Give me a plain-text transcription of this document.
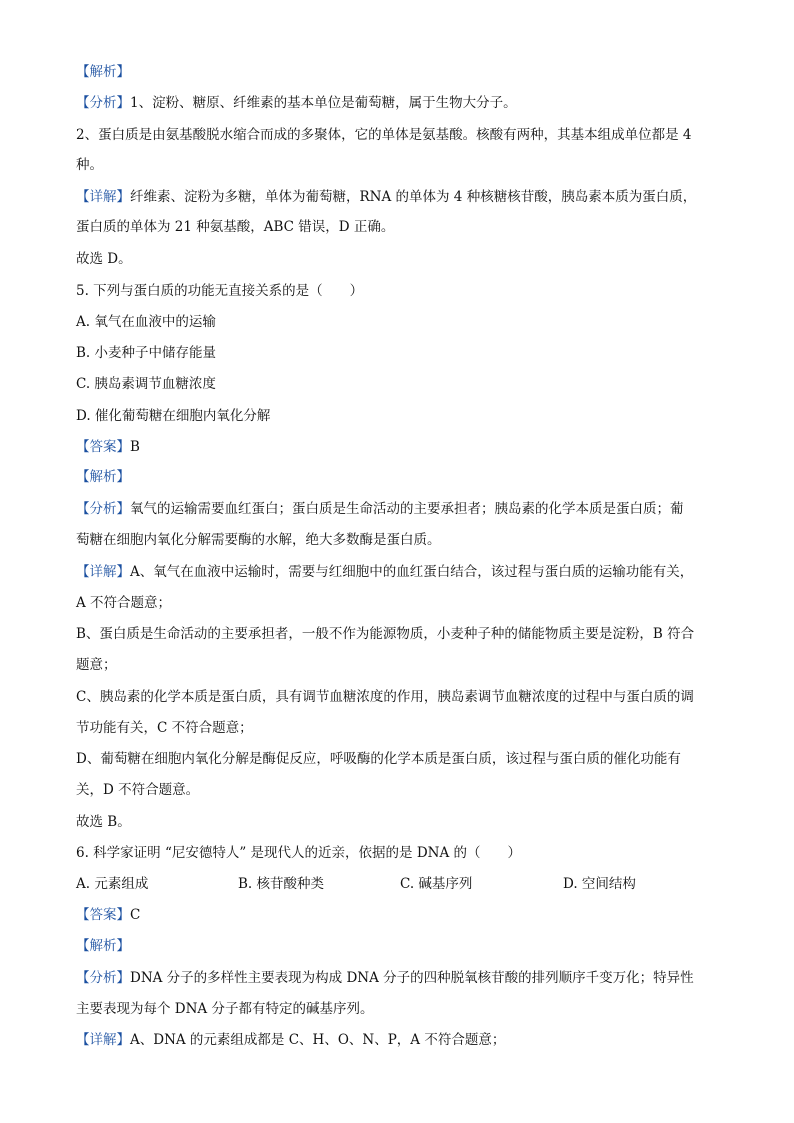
【解析】
【分析】1、淀粉、糖原、纤维素的基本单位是葡萄糖，属于生物大分子。
2、蛋白质是由氨基酸脱水缩合而成的多聚体，它的单体是氨基酸。核酸有两种，其基本组成单位都是 4
种。
【详解】纤维素、淀粉为多糖，单体为葡萄糖，RNA 的单体为 4 种核糖核苷酸，胰岛素本质为蛋白质，
蛋白质的单体为 21 种氨基酸，ABC 错误，D 正确。
故选 D。
5. 下列与蛋白质的功能无直接关系的是（　　）
A. 氧气在血液中的运输
B. 小麦种子中储存能量
C. 胰岛素调节血糖浓度
D. 催化葡萄糖在细胞内氧化分解
【答案】B
【解析】
【分析】氧气的运输需要血红蛋白；蛋白质是生命活动的主要承担者；胰岛素的化学本质是蛋白质；葡
萄糖在细胞内氧化分解需要酶的水解，绝大多数酶是蛋白质。
【详解】A、氧气在血液中运输时，需要与红细胞中的血红蛋白结合，该过程与蛋白质的运输功能有关，
A 不符合题意；
B、蛋白质是生命活动的主要承担者，一般不作为能源物质，小麦种子种的储能物质主要是淀粉，B 符合
题意；
C、胰岛素的化学本质是蛋白质，具有调节血糖浓度的作用，胰岛素调节血糖浓度的过程中与蛋白质的调
节功能有关，C 不符合题意；
D、葡萄糖在细胞内氧化分解是酶促反应，呼吸酶的化学本质是蛋白质，该过程与蛋白质的催化功能有
关，D 不符合题意。
故选 B。
6. 科学家证明 “尼安德特人” 是现代人的近亲，依据的是 DNA 的（　　）
A. 元素组成	B. 核苷酸种类	C. 碱基序列	D. 空间结构
【答案】C
【解析】
【分析】DNA 分子的多样性主要表现为构成 DNA 分子的四种脱氧核苷酸的排列顺序千变万化；特异性
主要表现为每个 DNA 分子都有特定的碱基序列。
【详解】A、DNA 的元素组成都是 C、H、O、N、P，A 不符合题意；
